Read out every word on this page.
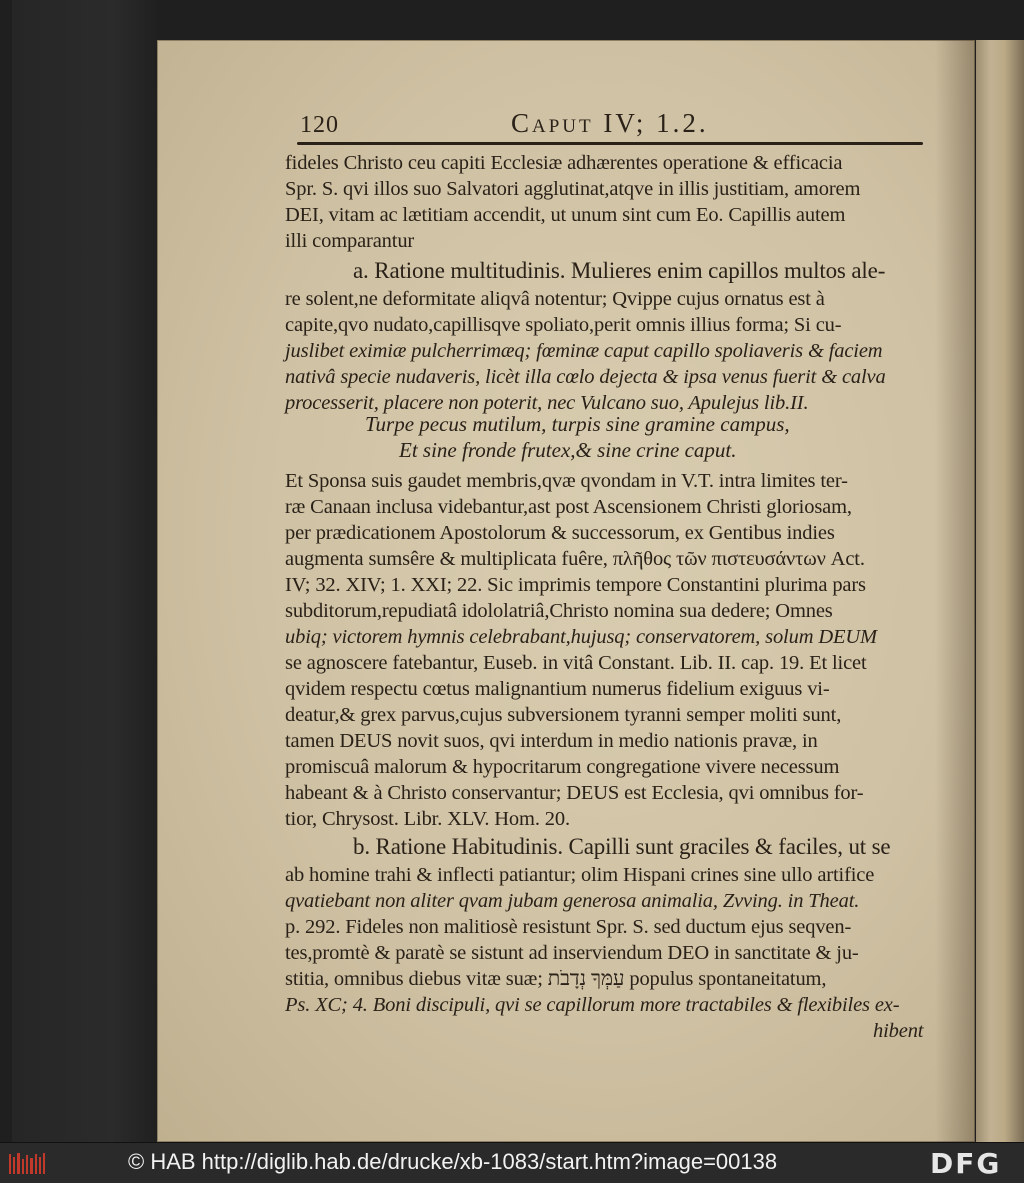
120	Caput IV; 1.2.
fideles Christo ceu capiti Ecclesiæ adhærentes operatione & efficacia
Spr. S. qvi illos suo Salvatori agglutinat,atqve in illis justitiam, amorem
DEI, vitam ac lætitiam accendit, ut unum sint cum Eo. Capillis autem
illi comparantur
a. Ratione multitudinis. Mulieres enim capillos multos ale-
re solent,ne deformitate aliqvâ notentur; Qvippe cujus ornatus est à
capite,qvo nudato,capillisqve spoliato,perit omnis illius forma; Si cu-
juslibet eximiæ pulcherrimæq; fœminæ caput capillo spoliaveris & faciem
nativâ specie nudaveris, licèt illa cœlo dejecta & ipsa venus fuerit & calva
processerit, placere non poterit, nec Vulcano suo, Apulejus lib.II.
Turpe pecus mutilum, turpis sine gramine campus,
Et sine fronde frutex,& sine crine caput.
Et Sponsa suis gaudet membris,qvæ qvondam in V.T. intra limites ter-
ræ Canaan inclusa videbantur,ast post Ascensionem Christi gloriosam,
per prædicationem Apostolorum & successorum, ex Gentibus indies
augmenta sumsêre & multiplicata fuêre, πλῆθος τῶν πιστευσάντων Act.
IV; 32. XIV; 1. XXI; 22. Sic imprimis tempore Constantini plurima pars
subditorum,repudiatâ idololatriâ,Christo nomina sua dedere; Omnes
ubiq; victorem hymnis celebrabant,hujusq; conservatorem, solum DEUM
se agnoscere fatebantur, Euseb. in vitâ Constant. Lib. II. cap. 19. Et licet
qvidem respectu cœtus malignantium numerus fidelium exiguus vi-
deatur,& grex parvus,cujus subversionem tyranni semper moliti sunt,
tamen DEUS novit suos, qvi interdum in medio nationis pravæ, in
promiscuâ malorum & hypocritarum congregatione vivere necessum
habeant & à Christo conservantur; DEUS est Ecclesia, qvi omnibus for-
tior, Chrysost. Libr. XLV. Hom. 20.
b. Ratione Habitudinis. Capilli sunt graciles & faciles, ut se
ab homine trahi & inflecti patiantur; olim Hispani crines sine ullo artifice
qvatiebant non aliter qvam jubam generosa animalia, Zvving. in Theat.
p. 292. Fideles non malitiosè resistunt Spr. S. sed ductum ejus seqven-
tes,promtè & paratè se sistunt ad inserviendum DEO in sanctitate & ju-
stitia, omnibus diebus vitæ suæ; עַמְּךָ נְדָבֹת populus spontaneitatum,
Ps. XC; 4. Boni discipuli, qvi se capillorum more tractabiles & flexibiles ex-
hibent
© HAB http://diglib.hab.de/drucke/xb-1083/start.htm?image=00138	DFG
